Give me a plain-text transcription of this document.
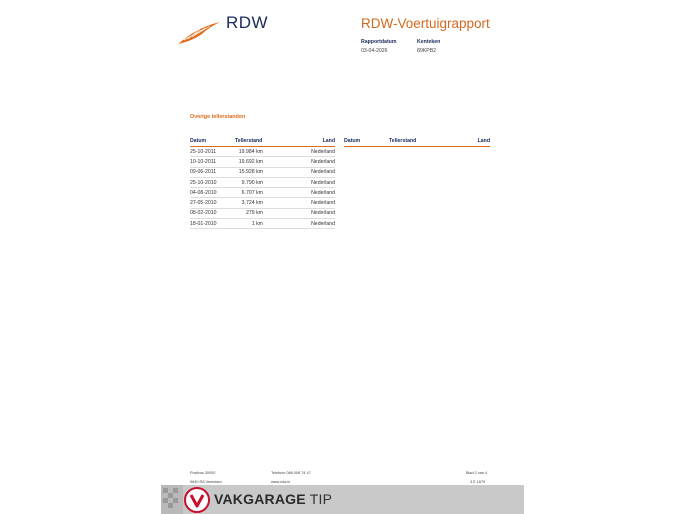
RDW	RDW-Voertuigrapport
Rapportdatum
03-04-2026
Kenteken
89KPB2
Overige tellerstanden
Datum	Tellerstand	Land
25-10-2011	19.984 km	Nederland
10-10-2011	19.692 km	Nederland
09-06-2011	15.928 km	Nederland
25-10-2010	9.790 km	Nederland
04-08-2010	6.707 km	Nederland
27-05-2010	3.724 km	Nederland
08-02-2010	279 km	Nederland
18-01-2010	1 km	Nederland
Datum	Tellerstand	Land
Postbus 30000
9640 RA Veendam
Telefoon 088 008 74 47
www.rdw.nl
Blad 2 van 4
3 E 1679
VAKGARAGE TIP
